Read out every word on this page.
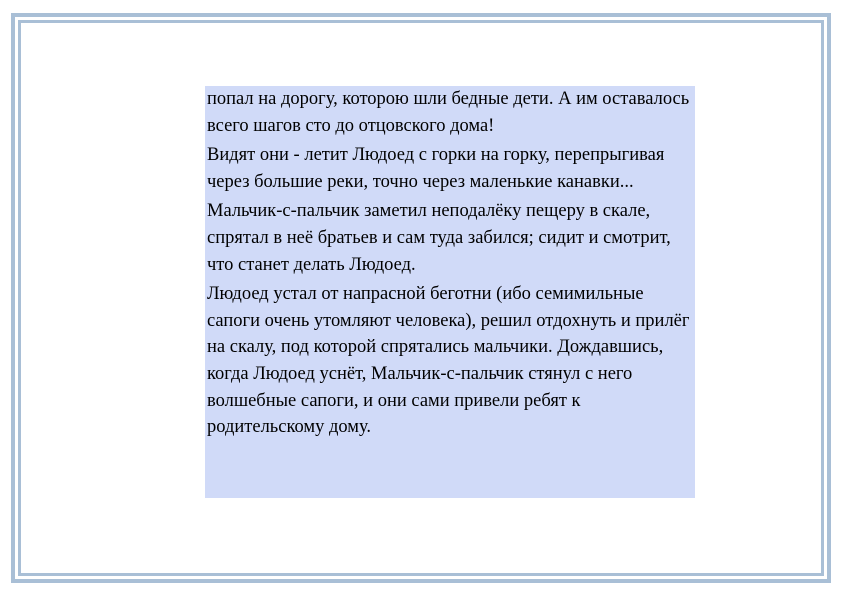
попал на дорогу, которою шли бедные дети. А им оставалось всего шагов сто до отцовского дома!

Видят они - летит Людоед с горки на горку, перепрыгивая через большие реки, точно через маленькие канавки...

Мальчик-с-пальчик заметил неподалёку пещеру в скале, спрятал в неё братьев и сам туда забился; сидит и смотрит, что станет делать Людоед.

Людоед устал от напрасной беготни (ибо семимильные сапоги очень утомляют человека), решил отдохнуть и прилёг на скалу, под которой спрятались мальчики. Дождавшись, когда Людоед уснёт, Мальчик-с-пальчик стянул с него волшебные сапоги, и они сами привели ребят к родительскому дому.
